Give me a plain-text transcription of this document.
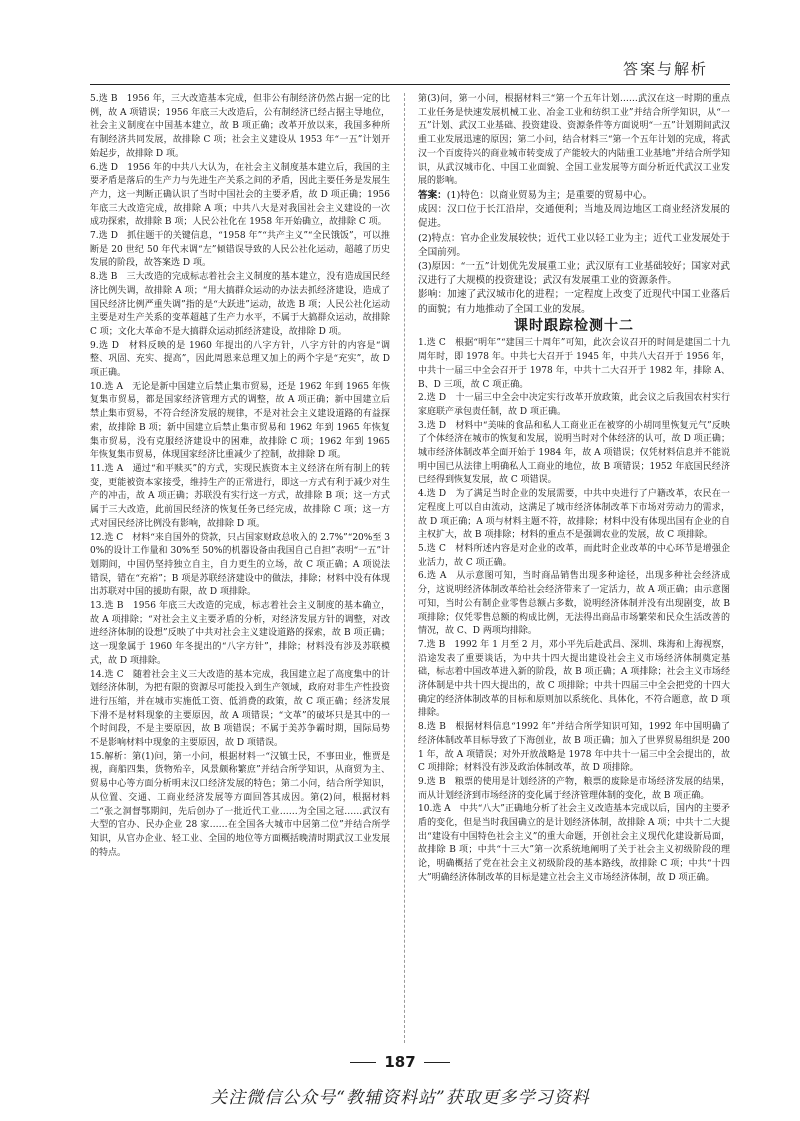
答案与解析

5.选 B　1956 年，三大改造基本完成，但非公有制经济仍然占据一定的比例，故 A 项错误；1956 年底三大改造后，公有制经济已经占据主导地位，社会主义制度在中国基本建立，故 B 项正确；改革开放以来，我国多种所有制经济共同发展，故排除 C 项；社会主义建设从 1953 年“一五”计划开始起步，故排除 D 项。

6.选 D　1956 年的中共八大认为，在社会主义制度基本建立后，我国的主要矛盾是落后的生产力与先进生产关系之间的矛盾，因此主要任务是发展生产力，这一判断正确认识了当时中国社会的主要矛盾，故 D 项正确；1956 年底三大改造完成，故排除 A 项；中共八大是对我国社会主义建设的一次成功探索，故排除 B 项；人民公社化在 1958 年开始确立，故排除 C 项。

7.选 D　抓住题干的关键信息，“1958 年”“共产主义”“全民饿饭”，可以推断是 20 世纪 50 年代末调“左”倾错误导致的人民公社化运动，超越了历史发展的阶段，故答案选 D 项。

8.选 B　三大改造的完成标志着社会主义制度的基本建立，没有造成国民经济比例失调，故排除 A 项；“用大搞群众运动的办法去抓经济建设，造成了国民经济比例严重失调”指的是“大跃进”运动，故选 B 项；人民公社化运动主要是对生产关系的变革超越了生产力水平，不属于大搞群众运动，故排除 C 项；文化大革命不是大搞群众运动抓经济建设，故排除 D 项。

9.选 D　材料反映的是 1960 年提出的八字方针，八字方针的内容是“调整、巩固、充实、提高”，因此周恩来总理又加上的两个字是“充实”，故 D 项正确。

10.选 A　无论是新中国建立后禁止集市贸易，还是 1962 年到 1965 年恢复集市贸易，都是国家经济管理方式的调整，故 A 项正确；新中国建立后禁止集市贸易，不符合经济发展的规律，不是对社会主义建设道路的有益探索，故排除 B 项；新中国建立后禁止集市贸易和 1962 年到 1965 年恢复集市贸易，没有克服经济建设中的困难，故排除 C 项；1962 年到 1965 年恢复集市贸易，体现国家经济比重减少了控制，故排除 D 项。

11.选 A　通过“和平赎买”的方式，实现民族资本主义经济在所有制上的转变，更能被资本家接受，维持生产的正常进行，即这一方式有利于减少对生产的冲击，故 A 项正确；苏联没有实行这一方式，故排除 B 项；这一方式属于三大改造，此前国民经济的恢复任务已经完成，故排除 C 项；这一方式对国民经济比例没有影响，故排除 D 项。

12.选 C　材料“来自国外的贷款，只占国家财政总收入的 2.7%”“20%至 30%的设计工作量和 30%至 50%的机器设备由我国自己自担”表明“一五”计划期间，中国仍坚持独立自主，自力更生的立场，故 C 项正确；A 项说法错误，错在“充裕”；B 项是苏联经济建设中的做法，排除；材料中没有体现出苏联对中国的援助有限，故 D 项排除。

13.选 B　1956 年底三大改造的完成，标志着社会主义制度的基本确立，故 A 项排除；“对社会主义主要矛盾的分析，对经济发展方针的调整，对改进经济体制的设想”反映了中共对社会主义建设道路的探索，故 B 项正确；这一现象属于 1960 年冬提出的“八字方针”，排除；材料没有涉及苏联模式，故 D 项排除。

14.选 C　随着社会主义三大改造的基本完成，我国建立起了高度集中的计划经济体制，为把有限的资源尽可能投入到生产领域，政府对非生产性投资进行压缩，并在城市实施低工资、低消费的政策，故 C 项正确；经济发展下滑不是材料现象的主要原因，故 A 项错误；“文革”的破坏只是其中的一个时间段，不是主要原因，故 B 项错误；不属于美苏争霸时期，国际局势不是影响材料中现象的主要原因，故 D 项错误。

15.解析：第(1)问，第一小问，根据材料一“汉镇士民，不事田业，惟贾是视，商船四集，货物殆辛，风景颇称繁庶”并结合所学知识，从商贸为主、贸易中心等方面分析明末汉口经济发展的特色；第二小问，结合所学知识，从位置、交通、工商业经济发展等方面回答其成因。第(2)问，根据材料二“张之洞督鄂期间，先后创办了一批近代工业……为全国之冠……武汉有大型的官办、民办企业 28 家……在全国各大城市中居第二位”并结合所学知识，从官办企业、轻工业、全国的地位等方面概括晚清时期武汉工业发展的特点。

第(3)问，第一小问，根据材料三“第一个五年计划……武汉在这一时期的重点工业任务是快速发展机械工业、冶金工业和纺织工业”并结合所学知识，从“一五”计划、武汉工业基础、投资建设、资源条件等方面说明“一五”计划期间武汉重工业发展迅速的原因；第二小问，结合材料三“第一个五年计划的完成，将武汉一个百废待兴的商业城市转变成了产能较大的内陆重工业基地”并结合所学知识，从武汉城市化、中国工业面貌、全国工业发展等方面分析近代武汉工业发展的影响。

答案：(1)特色：以商业贸易为主；是重要的贸易中心。

成因：汉口位于长江沿岸，交通便利；当地及周边地区工商业经济发展的促进。

(2)特点：官办企业发展较快；近代工业以轻工业为主；近代工业发展处于全国前列。

(3)原因：“一五”计划优先发展重工业；武汉原有工业基础较好；国家对武汉进行了大规模的投资建设；武汉有发展重工业的资源条件。

影响：加速了武汉城市化的进程；一定程度上改变了近现代中国工业落后的面貌；有力地推动了全国工业的发展。

课时跟踪检测十二

1.选 C　根据“明年”“建国三十周年”可知，此次会议召开的时间是建国二十九周年时，即 1978 年。中共七大召开于 1945 年，中共八大召开于 1956 年，中共十一届三中全会召开于 1978 年，中共十二大召开于 1982 年，排除 A、B、D 三项，故 C 项正确。

2.选 D　十一届三中全会中决定实行改革开放政策，此会议之后我国农村实行家庭联产承包责任制，故 D 项正确。

3.选 D　材料中“美味的食品和私人工商业正在被穿的小胡同里恢复元气”反映了个体经济在城市的恢复和发展，说明当时对个体经济的认可，故 D 项正确；城市经济体制改革全面开始于 1984 年，故 A 项错误；仅凭材料信息并不能说明中国已从法律上明确私人工商业的地位，故 B 项错误；1952 年底国民经济已经得到恢复发展，故 C 项错误。

4.选 D　为了满足当时企业的发展需要，中共中央进行了户籍改革，农民在一定程度上可以自由流动，这满足了城市经济体制改革下市场对劳动力的需求，故 D 项正确；A 项与材料主题不符，故排除；材料中没有体现出国有企业的自主权扩大，故 B 项排除；材料的重点不是强调农业的发展，故 C 项排除。

5.选 C　材料所述内容是对企业的改革，而此时企业改革的中心环节是增强企业活力，故 C 项正确。

6.选 A　从示意图可知，当时商品销售出现多种途径，出现多种社会经济成分，这说明经济体制改革给社会经济带来了一定活力，故 A 项正确；由示意图可知，当时公有制企业零售总额占多数，说明经济体制并没有出现剧变，故 B 项排除；仅凭零售总额的构成比例，无法得出商品市场繁荣和民众生活改善的情况，故 C、D 两项均排除。

7.选 B　1992 年 1 月至 2 月，邓小平先后赴武昌、深圳、珠海和上海视察，沿途发表了重要谈话，为中共十四大提出建设社会主义市场经济体制奠定基础，标志着中国改革进入新的阶段，故 B 项正确；A 项排除；社会主义市场经济体制是中共十四大提出的，故 C 项排除；中共十四届三中全会把党的十四大确定的经济体制改革的目标和原则加以系统化、具体化，不符合题意，故 D 项排除。

8.选 B　根据材料信息“1992 年”并结合所学知识可知，1992 年中国明确了经济体制改革目标导致了下海创业，故 B 项正确；加入了世界贸易组织是 2001 年，故 A 项错误；对外开放战略是 1978 年中共十一届三中全会提出的，故 C 项排除；材料没有涉及政治体制改革，故 D 项排除。

9.选 B　粮票的使用是计划经济的产物，粮票的废除是市场经济发展的结果，而从计划经济到市场经济的变化属于经济管理体制的变化，故 B 项正确。

10.选 A　中共“八大”正确地分析了社会主义改造基本完成以后，国内的主要矛盾的变化，但是当时我国确立的是计划经济体制，故排除 A 项；中共十二大提出“建设有中国特色社会主义”的重大命题，开创社会主义现代化建设新局面，故排除 B 项；中共“十三大”第一次系统地阐明了关于社会主义初级阶段的理论，明确概括了党在社会主义初级阶段的基本路线，故排除 C 项；中共“十四大”明确经济体制改革的目标是建立社会主义市场经济体制，故 D 项正确。

187
关注微信公众号“教辅资料站”获取更多学习资料
